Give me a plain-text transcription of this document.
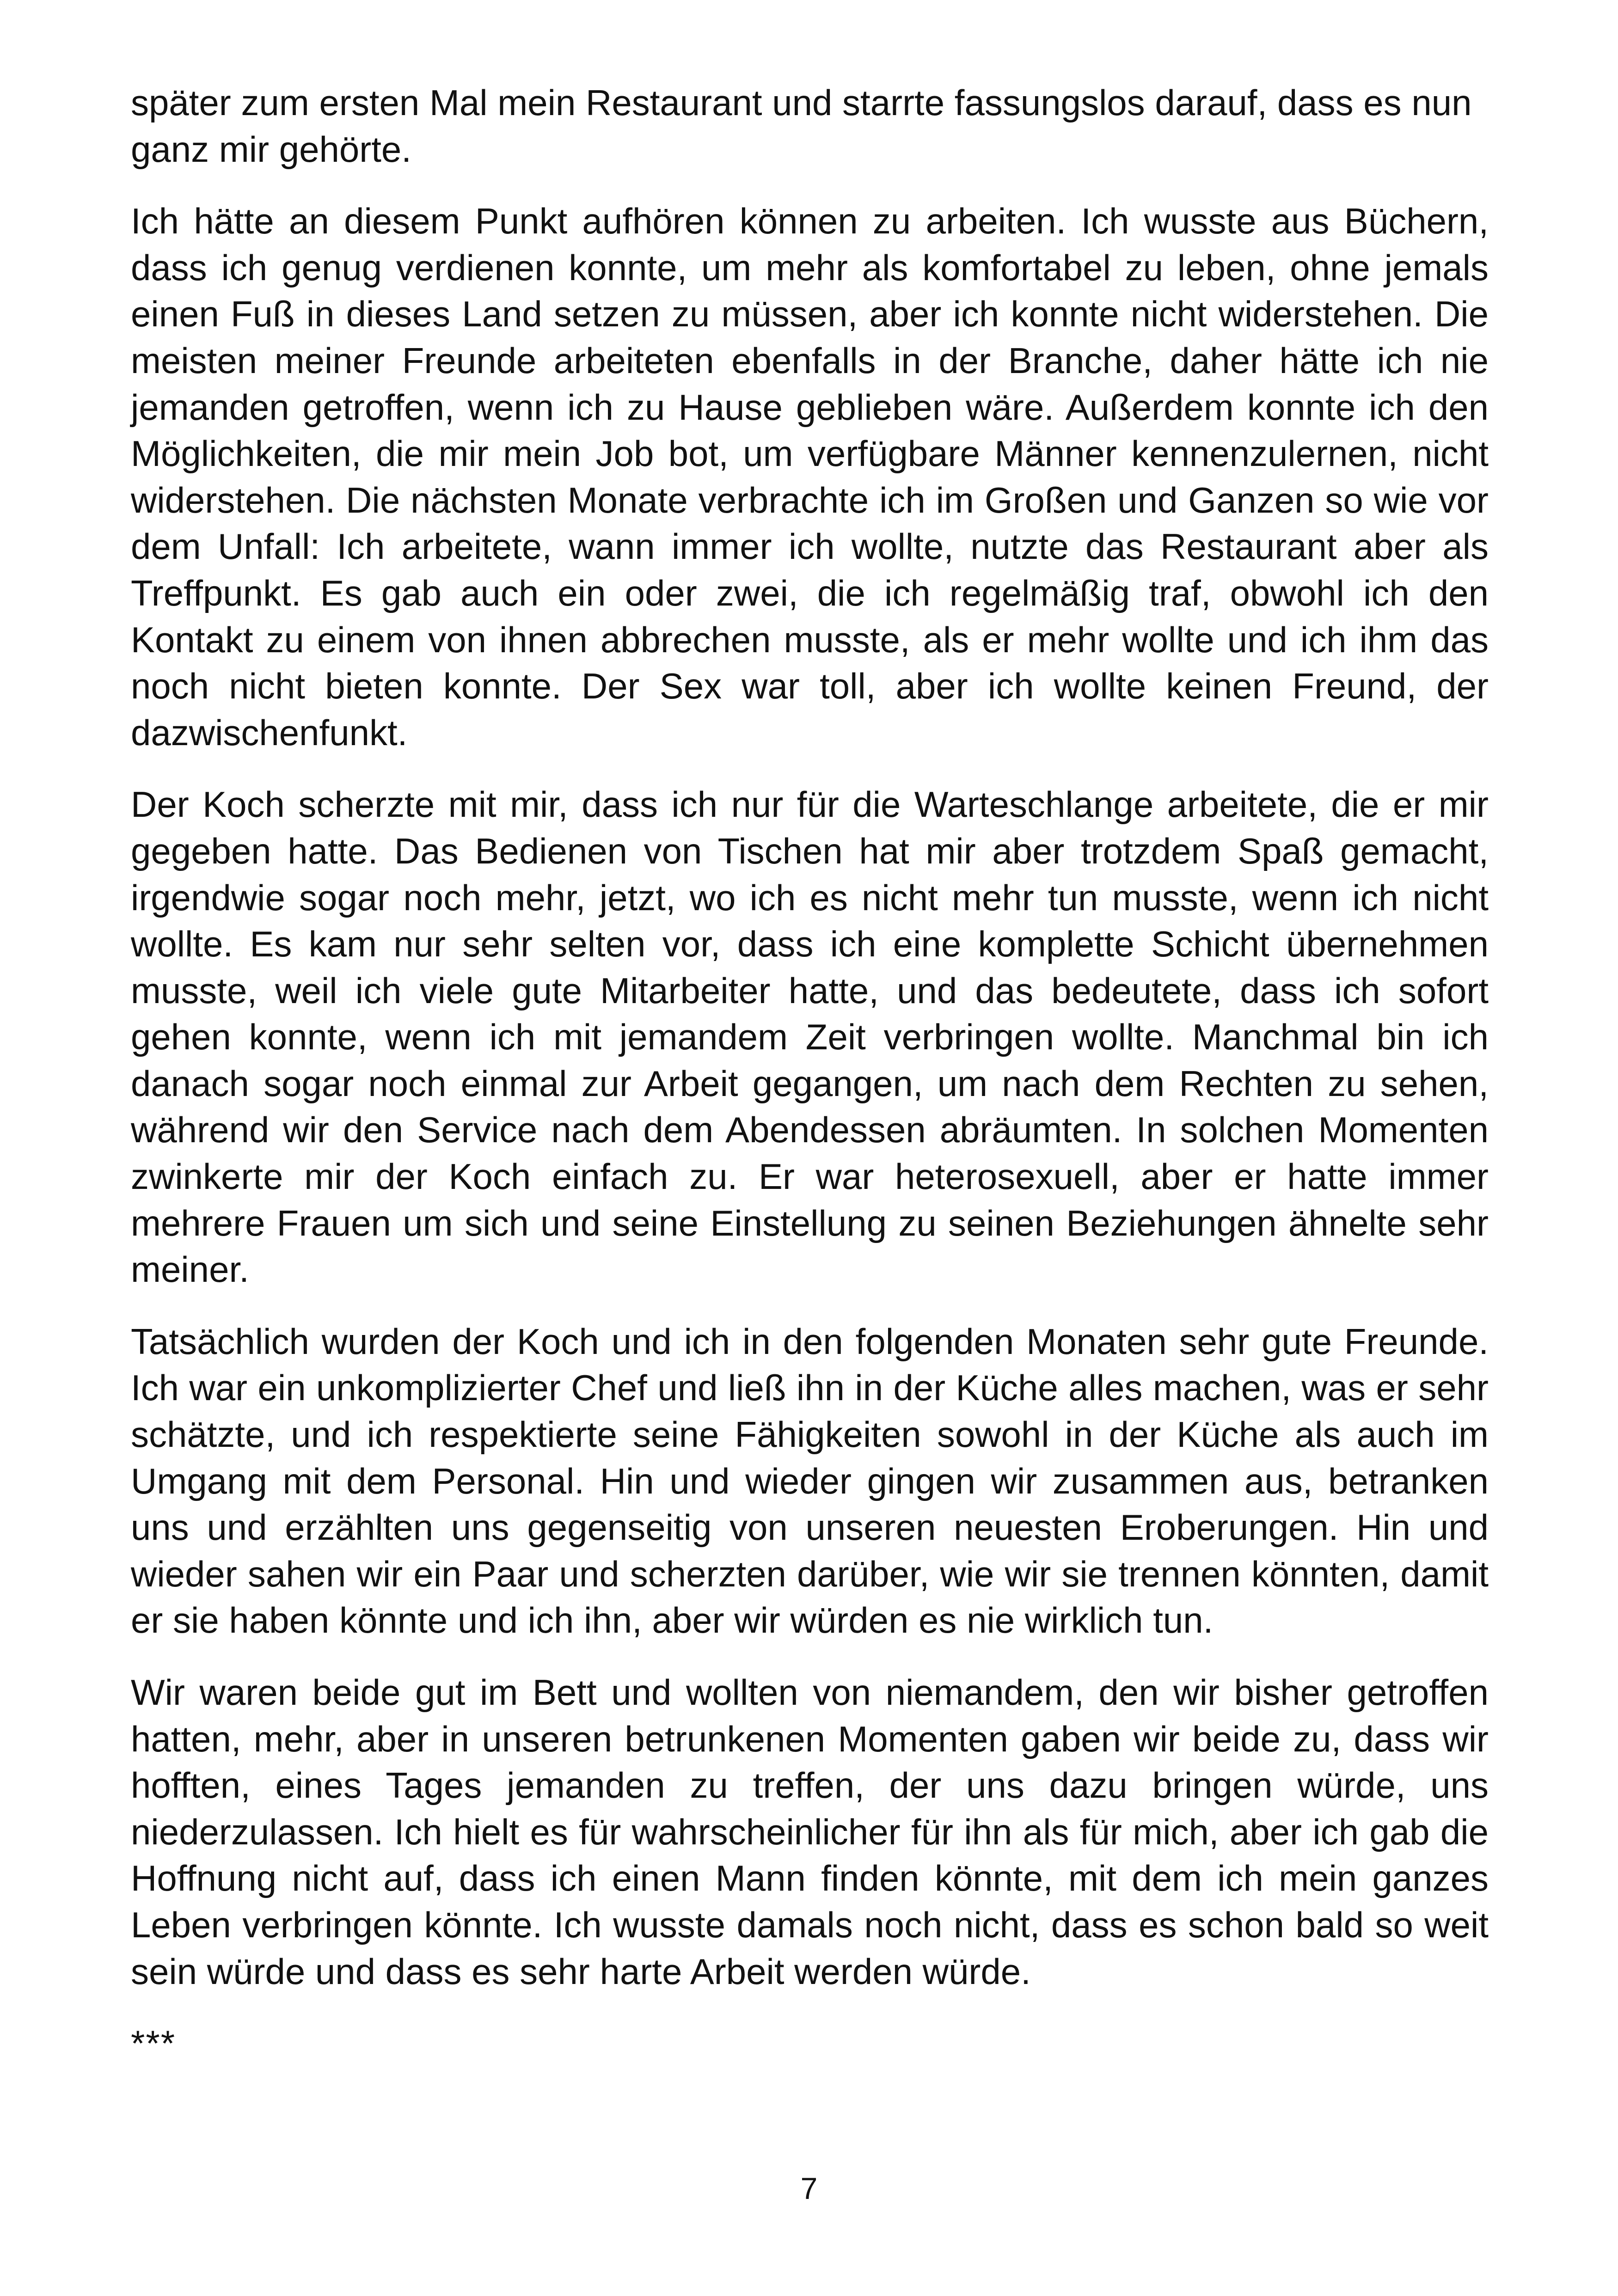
später zum ersten Mal mein Restaurant und starrte fassungslos darauf, dass es nun ganz mir gehörte.

Ich hätte an diesem Punkt aufhören können zu arbeiten. Ich wusste aus Büchern, dass ich genug verdienen konnte, um mehr als komfortabel zu leben, ohne jemals einen Fuß in dieses Land setzen zu müssen, aber ich konnte nicht widerstehen. Die meisten meiner Freunde arbeiteten ebenfalls in der Branche, daher hätte ich nie jemanden getroffen, wenn ich zu Hause geblieben wäre. Außerdem konnte ich den Möglichkeiten, die mir mein Job bot, um verfügbare Männer kennenzulernen, nicht widerstehen. Die nächsten Monate verbrachte ich im Großen und Ganzen so wie vor dem Unfall: Ich arbeitete, wann immer ich wollte, nutzte das Restaurant aber als Treffpunkt. Es gab auch ein oder zwei, die ich regelmäßig traf, obwohl ich den Kontakt zu einem von ihnen abbrechen musste, als er mehr wollte und ich ihm das noch nicht bieten konnte. Der Sex war toll, aber ich wollte keinen Freund, der dazwischenfunkt.

Der Koch scherzte mit mir, dass ich nur für die Warteschlange arbeitete, die er mir gegeben hatte. Das Bedienen von Tischen hat mir aber trotzdem Spaß gemacht, irgendwie sogar noch mehr, jetzt, wo ich es nicht mehr tun musste, wenn ich nicht wollte. Es kam nur sehr selten vor, dass ich eine komplette Schicht übernehmen musste, weil ich viele gute Mitarbeiter hatte, und das bedeutete, dass ich sofort gehen konnte, wenn ich mit jemandem Zeit verbringen wollte. Manchmal bin ich danach sogar noch einmal zur Arbeit gegangen, um nach dem Rechten zu sehen, während wir den Service nach dem Abendessen abräumten. In solchen Momenten zwinkerte mir der Koch einfach zu. Er war heterosexuell, aber er hatte immer mehrere Frauen um sich und seine Einstellung zu seinen Beziehungen ähnelte sehr meiner.

Tatsächlich wurden der Koch und ich in den folgenden Monaten sehr gute Freunde. Ich war ein unkomplizierter Chef und ließ ihn in der Küche alles machen, was er sehr schätzte, und ich respektierte seine Fähigkeiten sowohl in der Küche als auch im Umgang mit dem Personal. Hin und wieder gingen wir zusammen aus, betranken uns und erzählten uns gegenseitig von unseren neuesten Eroberungen. Hin und wieder sahen wir ein Paar und scherzten darüber, wie wir sie trennen könnten, damit er sie haben könnte und ich ihn, aber wir würden es nie wirklich tun.

Wir waren beide gut im Bett und wollten von niemandem, den wir bisher getroffen hatten, mehr, aber in unseren betrunkenen Momenten gaben wir beide zu, dass wir hofften, eines Tages jemanden zu treffen, der uns dazu bringen würde, uns niederzulassen. Ich hielt es für wahrscheinlicher für ihn als für mich, aber ich gab die Hoffnung nicht auf, dass ich einen Mann finden könnte, mit dem ich mein ganzes Leben verbringen könnte. Ich wusste damals noch nicht, dass es schon bald so weit sein würde und dass es sehr harte Arbeit werden würde.

***

7
